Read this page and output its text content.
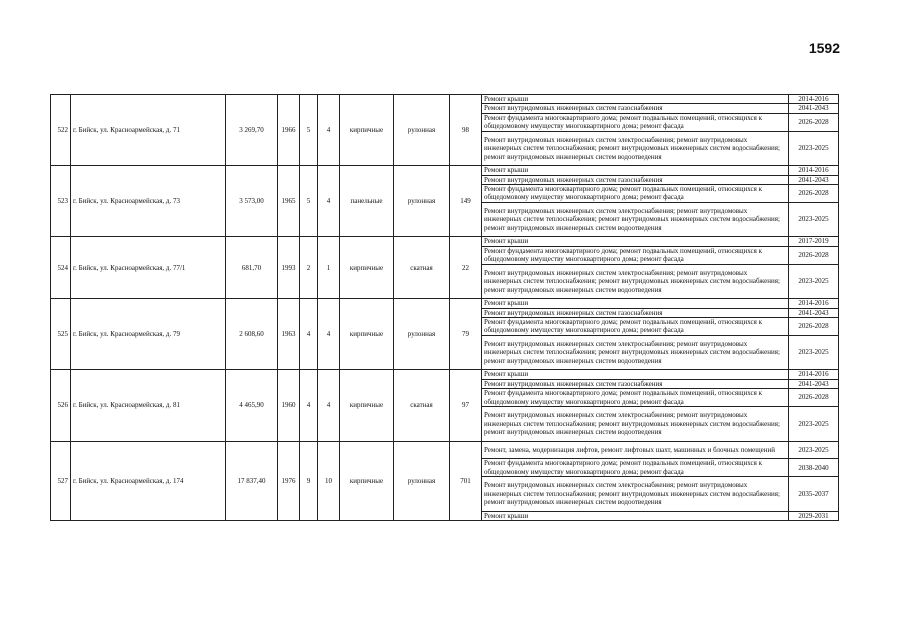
1592
522	г. Бийск, ул. Красноармейская, д. 71	3 269,70	1966	5	4	кирпичные	рулонная	98	Ремонт крыши	2014-2016
									Ремонт внутридомовых инженерных систем газоснабжения	2041-2043
									Ремонт фундамента многоквартирного дома; ремонт подвальных помещений, относящихся к общедомовому имуществу многоквартирного дома; ремонт фасада	2026-2028
									Ремонт внутридомовых инженерных систем электроснабжения; ремонт внутридомовых инженерных систем теплоснабжения; ремонт внутридомовых инженерных систем водоснабжения; ремонт внутридомовых инженерных систем водоотведения	2023-2025
523	г. Бийск, ул. Красноармейская, д. 73	3 573,00	1965	5	4	панельные	рулонная	149	Ремонт крыши	2014-2016
									Ремонт внутридомовых инженерных систем газоснабжения	2041-2043
									Ремонт фундамента многоквартирного дома; ремонт подвальных помещений, относящихся к общедомовому имуществу многоквартирного дома; ремонт фасада	2026-2028
									Ремонт внутридомовых инженерных систем электроснабжения; ремонт внутридомовых инженерных систем теплоснабжения; ремонт внутридомовых инженерных систем водоснабжения; ремонт внутридомовых инженерных систем водоотведения	2023-2025
524	г. Бийск, ул. Красноармейская, д. 77/1	681,70	1993	2	1	кирпичные	скатная	22	Ремонт крыши	2017-2019
									Ремонт фундамента многоквартирного дома; ремонт подвальных помещений, относящихся к общедомовому имуществу многоквартирного дома; ремонт фасада	2026-2028
									Ремонт внутридомовых инженерных систем электроснабжения; ремонт внутридомовых инженерных систем теплоснабжения; ремонт внутридомовых инженерных систем водоснабжения; ремонт внутридомовых инженерных систем водоотведения	2023-2025
525	г. Бийск, ул. Красноармейская, д. 79	2 608,60	1963	4	4	кирпичные	рулонная	79	Ремонт крыши	2014-2016
									Ремонт внутридомовых инженерных систем газоснабжения	2041-2043
									Ремонт фундамента многоквартирного дома; ремонт подвальных помещений, относящихся к общедомовому имуществу многоквартирного дома; ремонт фасада	2026-2028
									Ремонт внутридомовых инженерных систем электроснабжения; ремонт внутридомовых инженерных систем теплоснабжения; ремонт внутридомовых инженерных систем водоснабжения; ремонт внутридомовых инженерных систем водоотведения	2023-2025
526	г. Бийск, ул. Красноармейская, д. 81	4 465,90	1960	4	4	кирпичные	скатная	97	Ремонт крыши	2014-2016
									Ремонт внутридомовых инженерных систем газоснабжения	2041-2043
									Ремонт фундамента многоквартирного дома; ремонт подвальных помещений, относящихся к общедомовому имуществу многоквартирного дома; ремонт фасада	2026-2028
									Ремонт внутридомовых инженерных систем электроснабжения; ремонт внутридомовых инженерных систем теплоснабжения; ремонт внутридомовых инженерных систем водоснабжения; ремонт внутридомовых инженерных систем водоотведения	2023-2025
527	г. Бийск, ул. Красноармейская, д. 174	17 837,40	1976	9	10	кирпичные	рулонная	701	Ремонт, замена, модернизация лифтов, ремонт лифтовых шахт, машинных и блочных помещений	2023-2025
									Ремонт фундамента многоквартирного дома; ремонт подвальных помещений, относящихся к общедомовому имуществу многоквартирного дома; ремонт фасада	2038-2040
									Ремонт внутридомовых инженерных систем электроснабжения; ремонт внутридомовых инженерных систем теплоснабжения; ремонт внутридомовых инженерных систем водоснабжения; ремонт внутридомовых инженерных систем водоотведения	2035-2037
									Ремонт крыши	2029-2031
